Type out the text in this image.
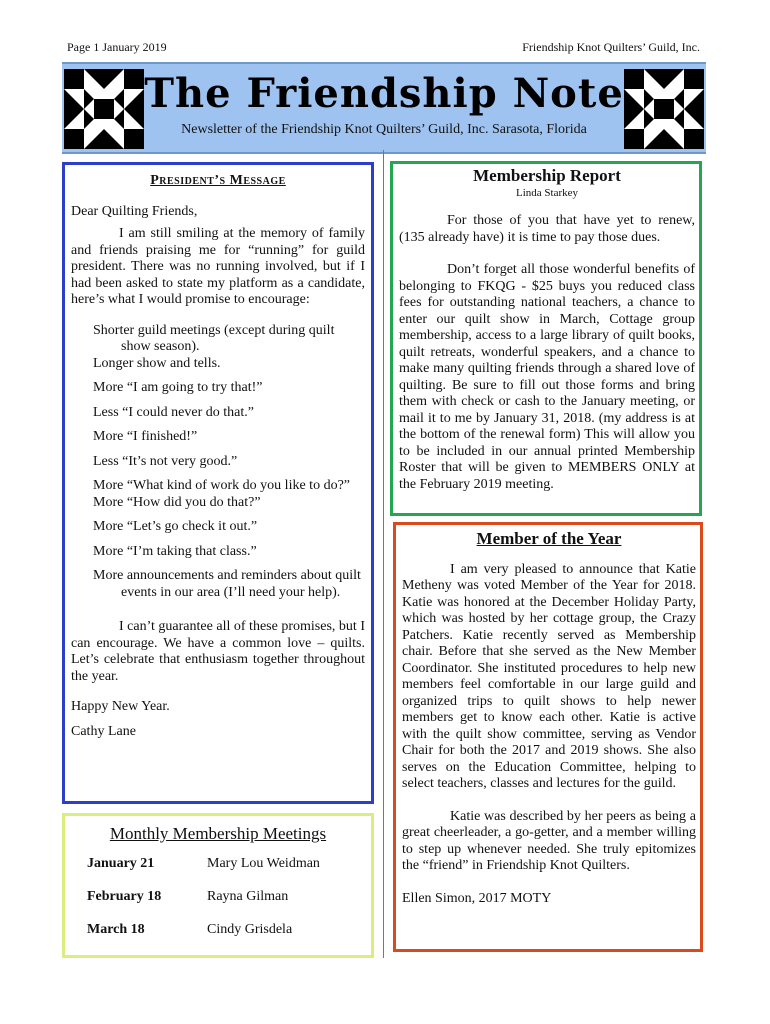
Page 1 January 2019	Friendship Knot Quilters’ Guild, Inc.
The Friendship Note
Newsletter of the Friendship Knot Quilters’ Guild, Inc. Sarasota, Florida

President’s Message

Dear Quilting Friends,

I am still smiling at the memory of family and friends praising me for “running” for guild president. There was no running involved, but if I had been asked to state my platform as a candidate, here’s what I would promise to encourage:

Shorter guild meetings (except during quilt show season).
Longer show and tells.
More “I am going to try that!”
Less “I could never do that.”
More “I finished!”
Less “It’s not very good.”
More “What kind of work do you like to do?”
More “How did you do that?”
More “Let’s go check it out.”
More “I’m taking that class.”
More announcements and reminders about quilt events in our area (I’ll need your help).

I can’t guarantee all of these promises, but I can encourage. We have a common love – quilts. Let’s celebrate that enthusiasm together throughout the year.

Happy New Year.

Cathy Lane

Monthly Membership Meetings
January 21	Mary Lou Weidman
February 18	Rayna Gilman
March 18	Cindy Grisdela
Membership Report

Linda Starkey

For those of you that have yet to renew, (135 already have) it is time to pay those dues.

Don’t forget all those wonderful benefits of belonging to FKQG - $25 buys you reduced class fees for outstanding national teachers, a chance to enter our quilt show in March, Cottage group membership, access to a large library of quilt books, quilt retreats, wonderful speakers, and a chance to make many quilting friends through a shared love of quilting. Be sure to fill out those forms and bring them with check or cash to the January meeting, or mail it to me by January 31, 2018. (my address is at the bottom of the renewal form) This will allow you to be included in our annual printed Membership Roster that will be given to MEMBERS ONLY at the February 2019 meeting.

Member of the Year

I am very pleased to announce that Katie Metheny was voted Member of the Year for 2018. Katie was honored at the December Holiday Party, which was hosted by her cottage group, the Crazy Patchers. Katie recently served as Membership chair. Before that she served as the New Member Coordinator. She instituted procedures to help new members feel comfortable in our large guild and organized trips to quilt shows to help newer members get to know each other. Katie is active with the quilt show committee, serving as Vendor Chair for both the 2017 and 2019 shows. She also serves on the Education Committee, helping to select teachers, classes and lectures for the guild.

Katie was described by her peers as being a great cheerleader, a go-getter, and a member willing to step up whenever needed. She truly epitomizes the “friend” in Friendship Knot Quilters.

Ellen Simon, 2017 MOTY
